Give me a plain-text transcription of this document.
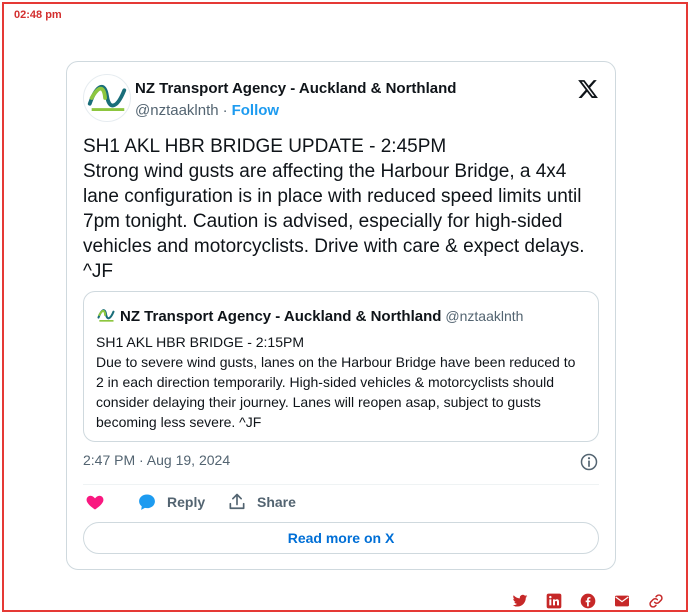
02:48 pm
NZ Transport Agency - Auckland & Northland
@nztaaklnth · Follow
SH1 AKL HBR BRIDGE UPDATE - 2:45PM
Strong wind gusts are affecting the Harbour Bridge, a 4x4 lane configuration is in place with reduced speed limits until 7pm tonight. Caution is advised, especially for high-sided vehicles and motorcyclists. Drive with care & expect delays. ^JF
NZ Transport Agency - Auckland & Northland @nztaaklnth
SH1 AKL HBR BRIDGE - 2:15PM
Due to severe wind gusts, lanes on the Harbour Bridge have been reduced to 2 in each direction temporarily. High-sided vehicles & motorcyclists should consider delaying their journey. Lanes will reopen asap, subject to gusts becoming less severe. ^JF
2:47 PM · Aug 19, 2024
Reply	Share
Read more on X
